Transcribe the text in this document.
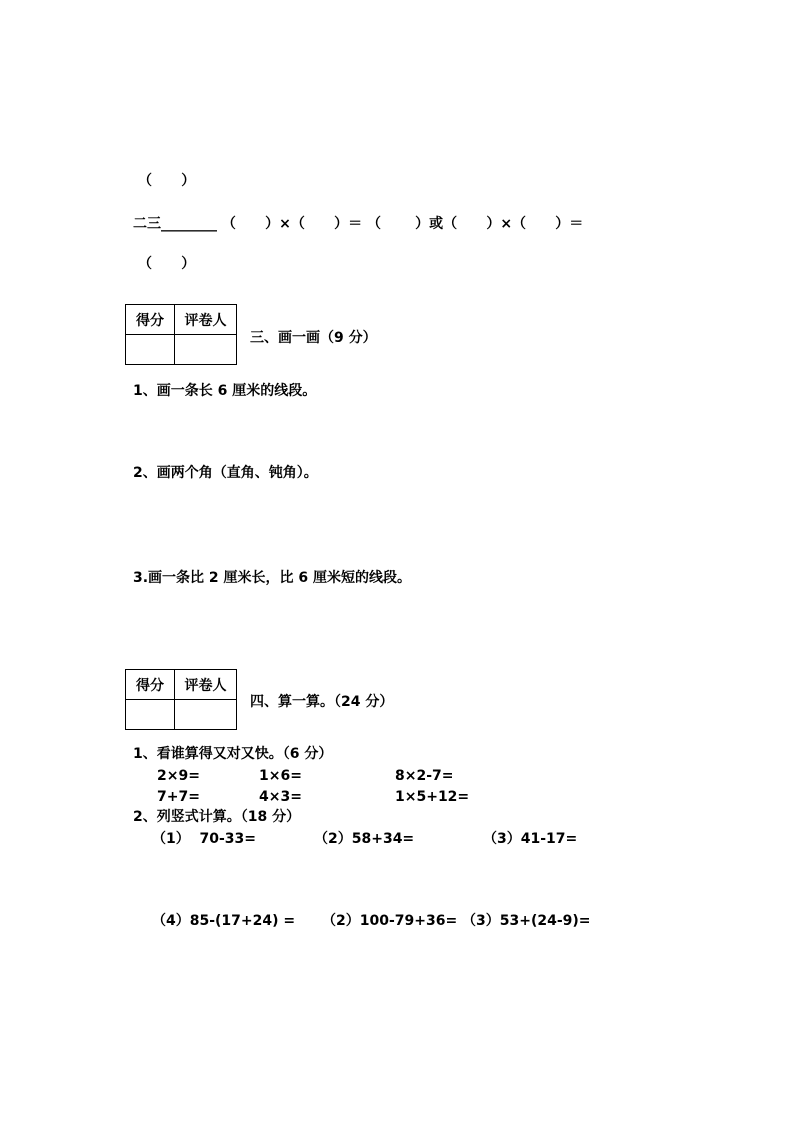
（      ）
二三________ （      ）×（      ）＝ （       ）或（      ）×（      ）＝
（      ）
得分	评卷人

三、画一画（9 分）
1、画一条长 6 厘米的线段。
2、画两个角（直角、钝角）。
3.画一条比 2 厘米长，比 6 厘米短的线段。
得分	评卷人

四、算一算。（24 分）
1、看谁算得又对又快。（6 分）
2×9=	1×6=	8×2-7=
7+7=	4×3=	1×5+12=
2、列竖式计算。（18 分）
（1）  70-33=	（2）58+34=	（3）41-17=
（4）85-(17+24) = （2）100-79+36= （3）53+(24-9)=
